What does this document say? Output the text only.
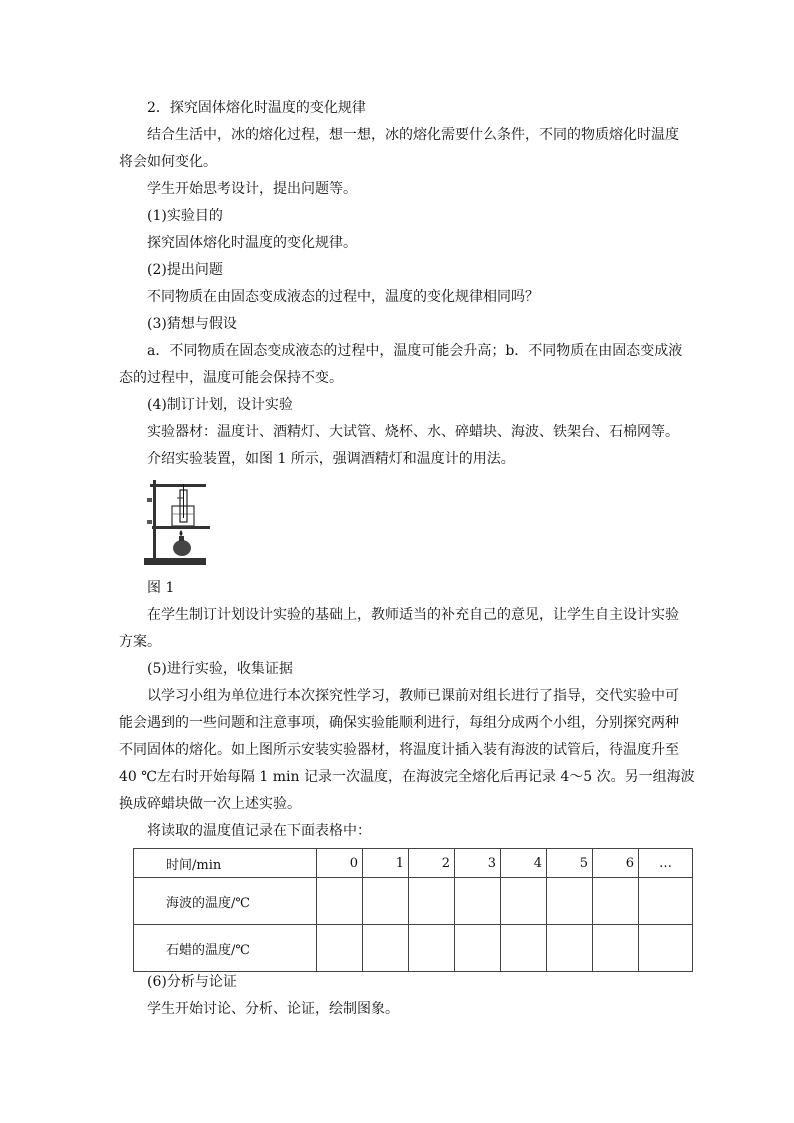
2．探究固体熔化时温度的变化规律
结合生活中，冰的熔化过程，想一想，冰的熔化需要什么条件，不同的物质熔化时温度
将会如何变化。
学生开始思考设计，提出问题等。
(1)实验目的
探究固体熔化时温度的变化规律。
(2)提出问题
不同物质在由固态变成液态的过程中，温度的变化规律相同吗？
(3)猜想与假设
a．不同物质在固态变成液态的过程中，温度可能会升高；b．不同物质在由固态变成液
态的过程中，温度可能会保持不变。
(4)制订计划，设计实验
实验器材：温度计、酒精灯、大试管、烧杯、水、碎蜡块、海波、铁架台、石棉网等。
介绍实验装置，如图 1 所示，强调酒精灯和温度计的用法。
图 1
在学生制订计划设计实验的基础上，教师适当的补充自己的意见，让学生自主设计实验
方案。
(5)进行实验，收集证据
以学习小组为单位进行本次探究性学习，教师已课前对组长进行了指导，交代实验中可
能会遇到的一些问题和注意事项，确保实验能顺利进行，每组分成两个小组，分别探究两种
不同固体的熔化。如上图所示安装实验器材，将温度计插入装有海波的试管后，待温度升至
40 ℃左右时开始每隔 1 min 记录一次温度，在海波完全熔化后再记录 4～5 次。另一组海波
换成碎蜡块做一次上述实验。
将读取的温度值记录在下面表格中：
时间/min	0	1	2	3	4	5	6	…
海波的温度/℃								
石蜡的温度/℃								
(6)分析与论证
学生开始讨论、分析、论证，绘制图象。
